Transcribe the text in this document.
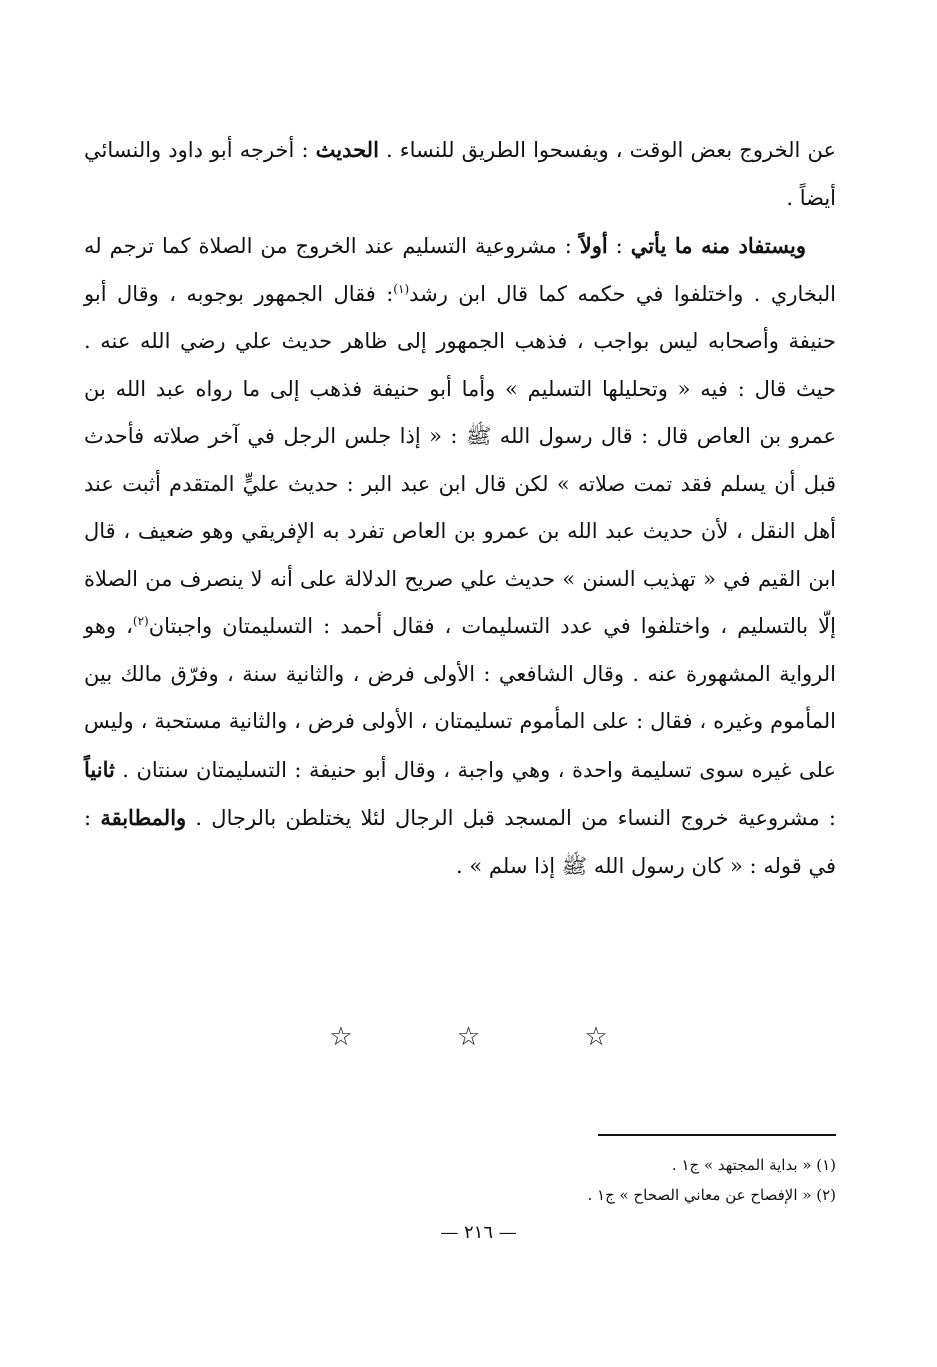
عن الخروج بعض الوقت ، ويفسحوا الطريق للنساء . الحديث : أخرجه أبو داود والنسائي أيضاً .

ويستفاد منه ما يأتي : أولاً : مشروعية التسليم عند الخروج من الصلاة كما ترجم له البخاري . واختلفوا في حكمه كما قال ابن رشد$^{(١)}$: فقال الجمهور بوجوبه ، وقال أبو حنيفة وأصحابه ليس بواجب ، فذهب الجمهور إلى ظاهر حديث علي رضي الله عنه . حيث قال : فيه « وتحليلها التسليم » وأما أبو حنيفة فذهب إلى ما رواه عبد الله بن عمرو بن العاص قال : قال رسول الله ﷺ : « إذا جلس الرجل في آخر صلاته فأحدث قبل أن يسلم فقد تمت صلاته » لكن قال ابن عبد البر : حديث عليٍّ المتقدم أثبت عند أهل النقل ، لأن حديث عبد الله بن عمرو بن العاص تفرد به الإفريقي وهو ضعيف ، قال ابن القيم في « تهذيب السنن » حديث علي صريح الدلالة على أنه لا ينصرف من الصلاة إلّا بالتسليم ، واختلفوا في عدد التسليمات ، فقال أحمد : التسليمتان واجبتان$^{(٢)}$، وهو الرواية المشهورة عنه . وقال الشافعي : الأولى فرض ، والثانية سنة ، وفرّق مالك بين المأموم وغيره ، فقال : على المأموم تسليمتان ، الأولى فرض ، والثانية مستحبة ، وليس على غيره سوى تسليمة واحدة ، وهي واجبة ، وقال أبو حنيفة : التسليمتان سنتان . ثانياً : مشروعية خروج النساء من المسجد قبل الرجال لئلا يختلطن بالرجال . والمطابقة : في قوله : « كان رسول الله ﷺ إذا سلم » .

☆ ☆ ☆

(١) « بداية المجتهد » ج١ .

(٢) « الإفصاح عن معاني الصحاح » ج١ .

— ٢١٦ —
